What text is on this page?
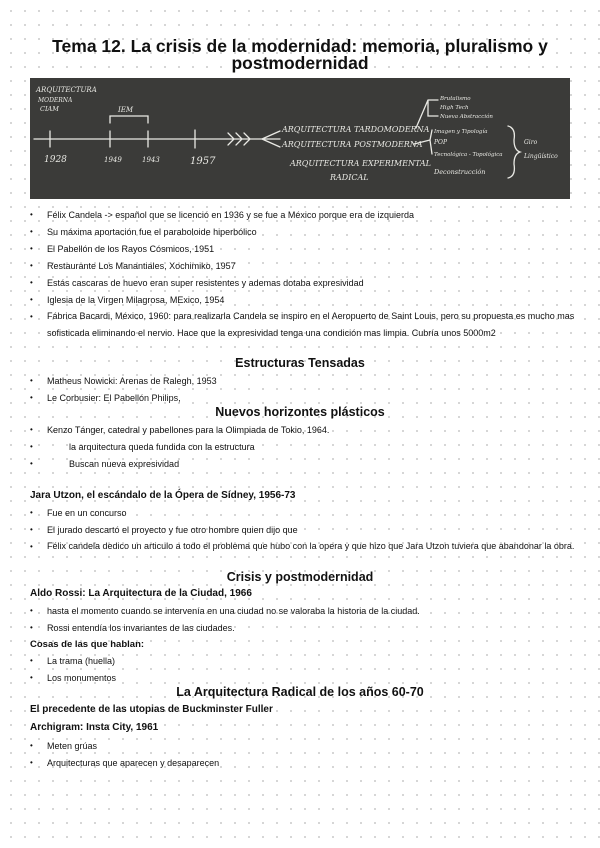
Tema 12. La crisis de la modernidad: memoria, pluralismo y
postmodernidad
ARQUITECTURA
MODERNA
CIAM	IEM
1928	1949	1943	1957
ARQUITECTURA TARDOMODERNA
ARQUITECTURA POSTMODERNA
ARQUITECTURA EXPERIMENTAL
RADICAL
Brutalismo
High Tech
Nueva Abstracción
Imagen y Tipología
POP
Tecnológica - Topológica
Deconstrucción
Giro
Lingüístico
• Félix Candela -> español que se licenció en 1936 y se fue a México porque era de izquierda
• Su máxima aportación fue el paraboloide hiperbólico
• El Pabellón de los Rayos Cósmicos, 1951
• Restaurante Los Manantiales, Xochimiko, 1957
• Estás cascaras de huevo eran super resistentes y ademas dotaba expresividad
• Iglesia de la Virgen Milagrosa, MExico, 1954
• Fábrica Bacardi, México, 1960: para realizarla Candela se inspiro en el Aeropuerto de Saint Louis, pero su propuesta es mucho mas sofisticada eliminando el nervio. Hace que la expresividad tenga una condición mas limpia. Cubría unos 5000m2
Estructuras Tensadas
• Matheus Nowicki: Arenas de Ralegh, 1953
• Le Corbusier: El Pabellón Philips,
Nuevos horizontes plásticos
• Kenzo Tánger, catedral y pabellones para la Olimpiada de Tokio, 1964.
•	la arquitectura queda fundida con la estructura
•	Buscan nueva expresividad
Jara Utzon, el escándalo de la Ópera de Sídney, 1956-73
• Fue en un concurso
• El jurado descartó el proyecto y fue otro hombre quien dijo que
• Félix candela dedico un articulo a todo el problema que hubo con la opera y que hizo que Jara Utzon tuviera que abandonar la obra.
Crisis y postmodernidad
Aldo Rossi: La Arquitectura de la Ciudad, 1966
• hasta el momento cuando se intervenía en una ciudad no se valoraba la historia de la ciudad.
• Rossi entendía los invariantes de las ciudades.
Cosas de las que hablan:
• La trama (huella)
• Los monumentos
La Arquitectura Radical de los años 60-70
El precedente de las utopias de Buckminster Fuller
Archigram: Insta City, 1961
• Meten grúas
• Arquitecturas que aparecen y desaparecen
